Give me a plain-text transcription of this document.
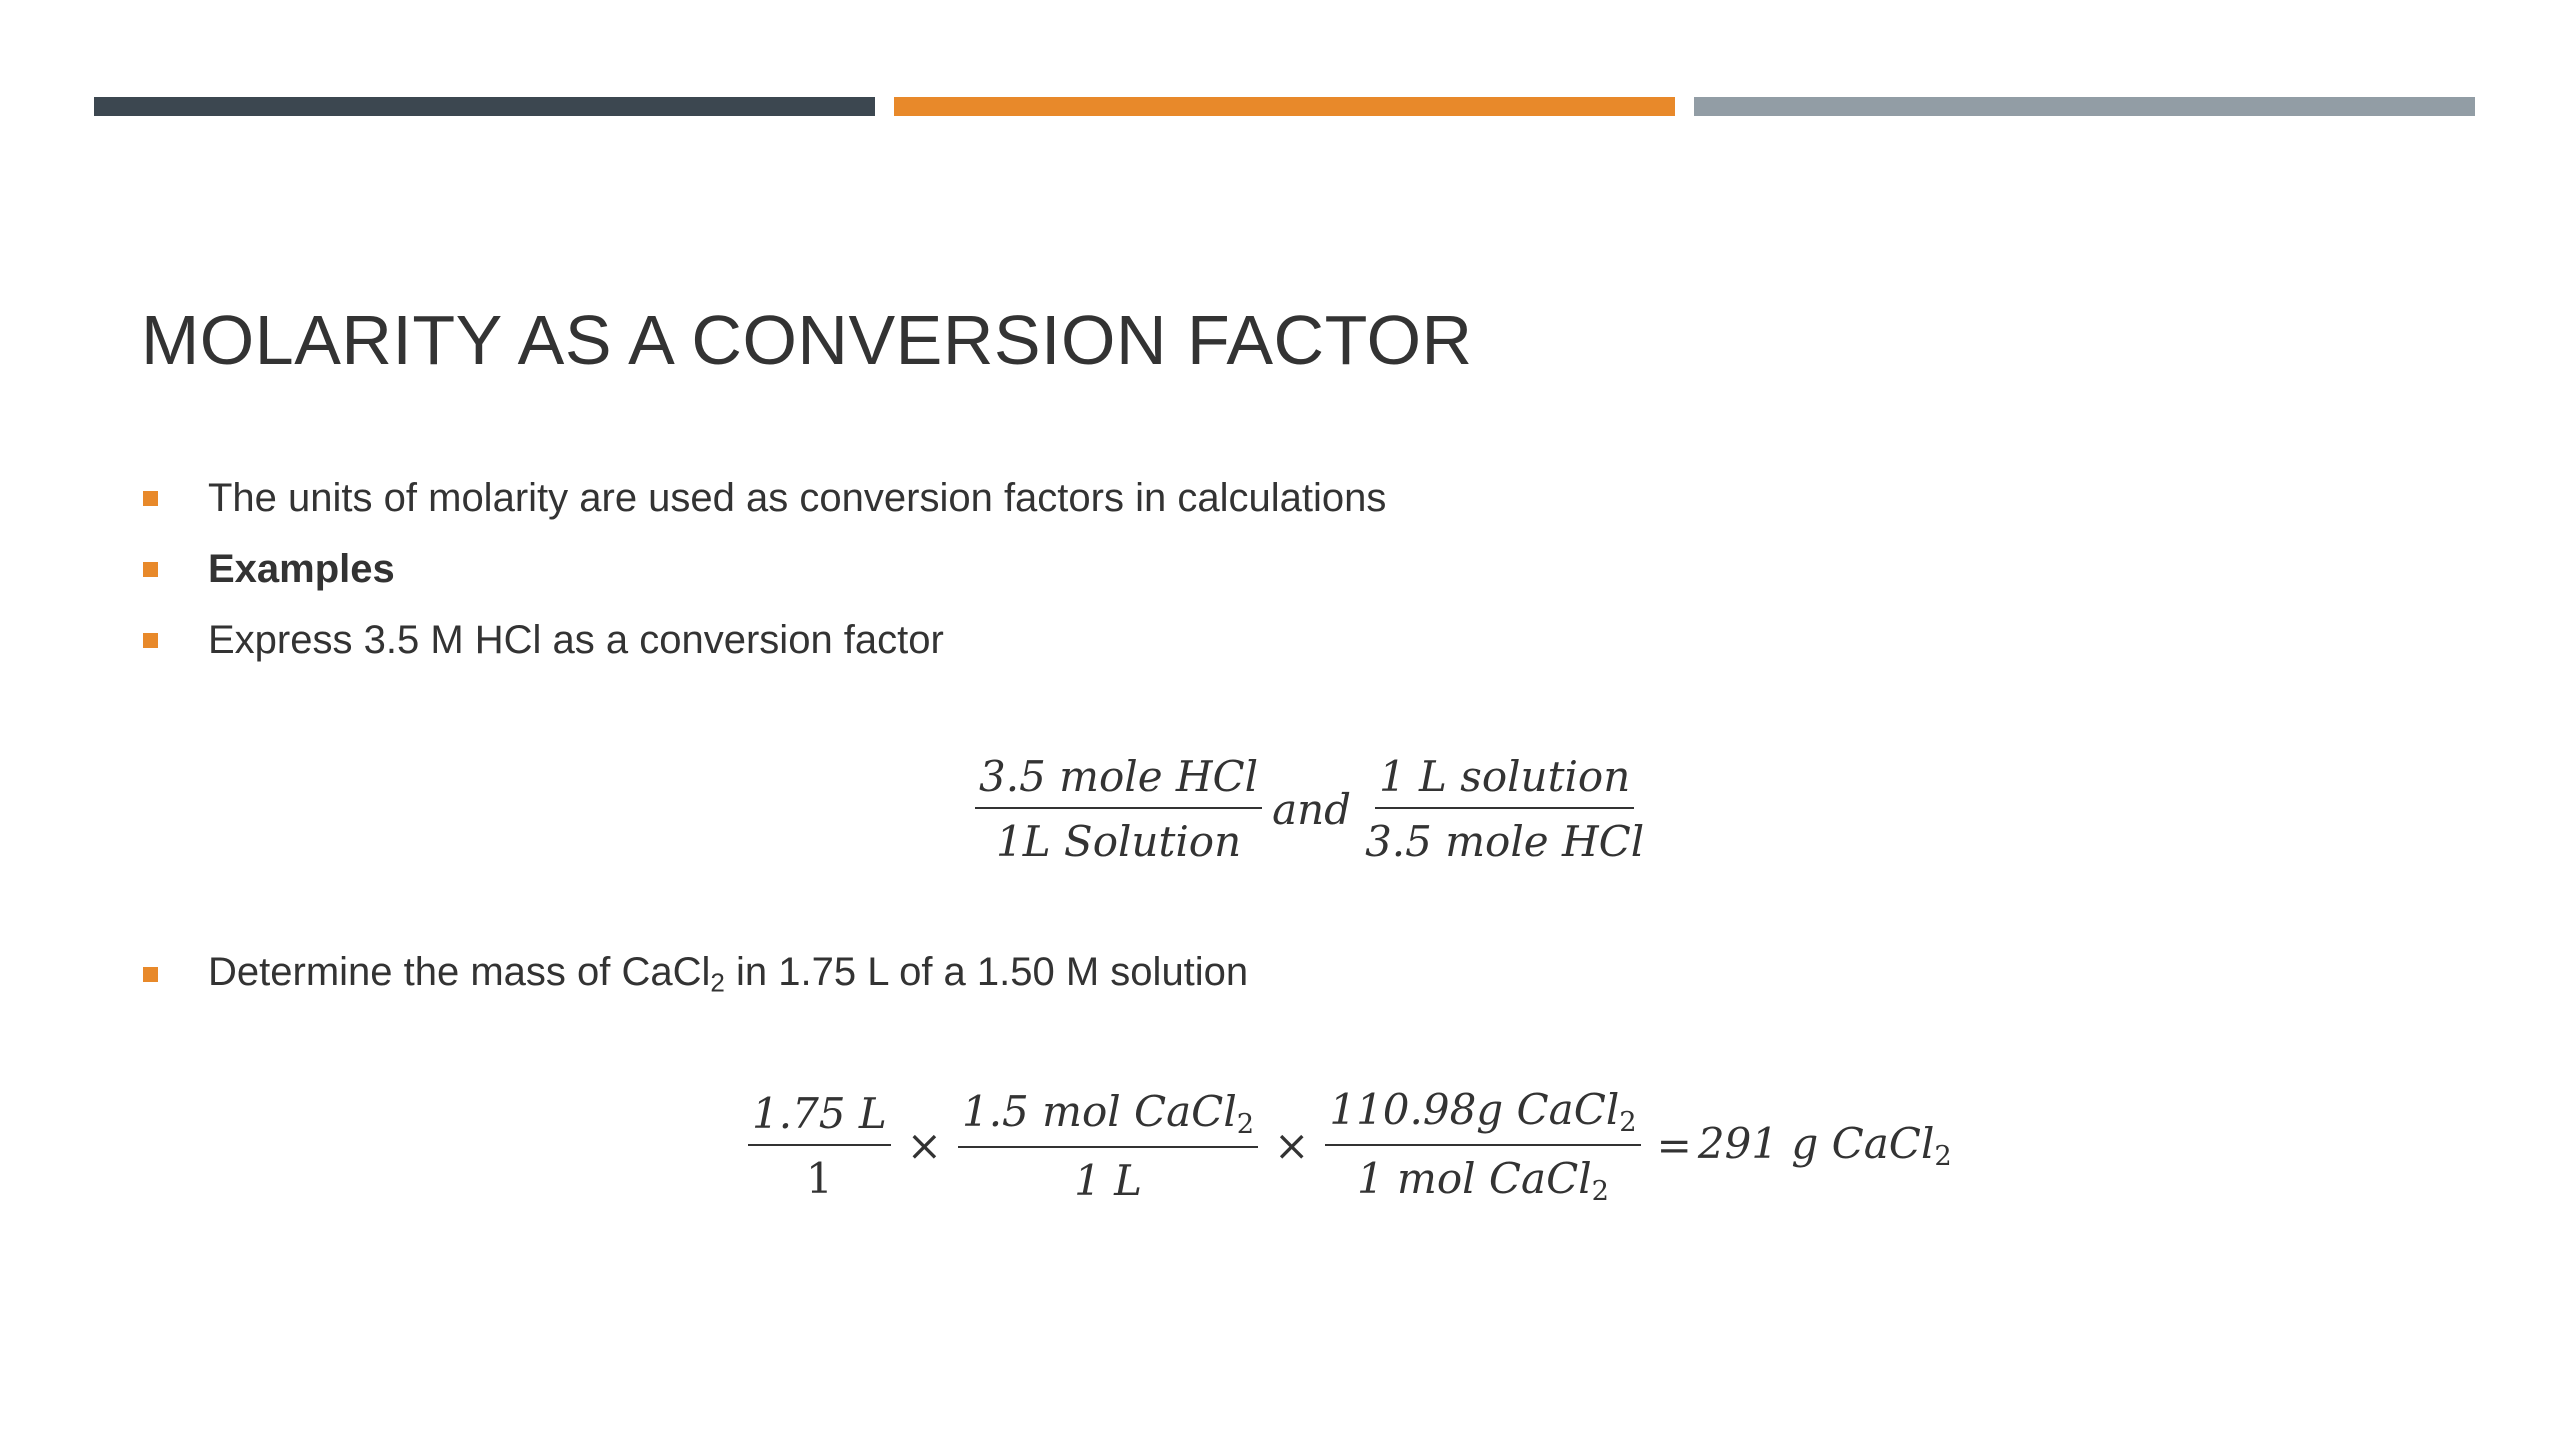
MOLARITY AS A CONVERSION FACTOR
The units of molarity are used as conversion factors in calculations
Examples
Express 3.5 M HCl as a conversion factor
$\frac{\text{3.5 mole HCl}}{\text{1L Solution}}$ and $\frac{\text{1 L solution}}{\text{3.5 mole HCl}}$
Determine the mass of CaCl$_2$ in 1.75 L of a 1.50 M solution
$\frac{1.75 L}{1} \times \frac{1.5 mol CaCl_2}{1 L} \times \frac{110.98g CaCl_2}{1 mol CaCl_2} = 291$ g CaCl$_2$
